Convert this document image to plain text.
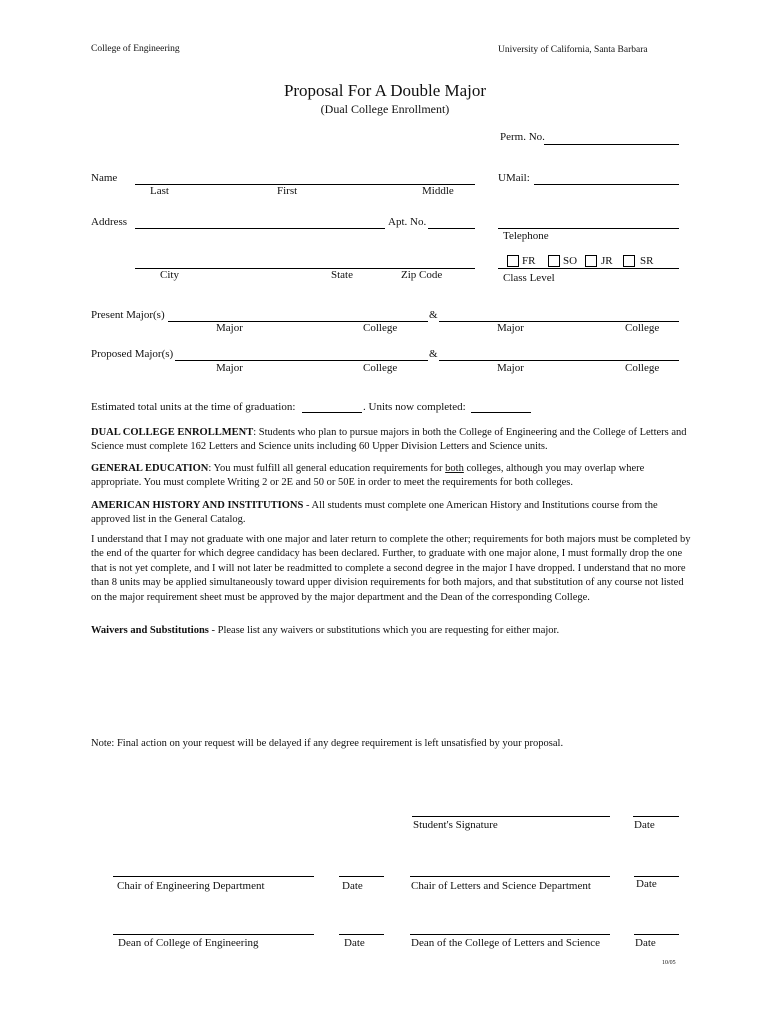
College of Engineering	University of California, Santa Barbara
Proposal For A Double Major
(Dual College Enrollment)
Perm. No.
Name
Last	First	Middle
UMail:
Address	Apt. No.
Telephone
City	State	Zip Code
FR	SO JR SR
Class Level
Present Major(s)	&
Major	College	Major	College
Proposed Major(s)	&
Major	College	Major	College
Estimated total units at the time of graduation:	. Units now completed:
DUAL COLLEGE ENROLLMENT: Students who plan to pursue majors in both the College of Engineering and the College of Letters and Science must complete 162 Letters and Science units including 60 Upper Division Letters and Science units.
GENERAL EDUCATION: You must fulfill all general education requirements for both colleges, although you may overlap where appropriate. You must complete Writing 2 or 2E and 50 or 50E in order to meet the requirements for both colleges.
AMERICAN HISTORY AND INSTITUTIONS - All students must complete one American History and Institutions course from the approved list in the General Catalog.
I understand that I may not graduate with one major and later return to complete the other; requirements for both majors must be completed by the end of the quarter for which degree candidacy has been declared. Further, to graduate with one major alone, I must formally drop the one that is not yet complete, and I will not later be readmitted to complete a second degree in the major I have dropped. I understand that no more than 8 units may be applied simultaneously toward upper division requirements for both majors, and that substitution of any course not listed on the major requirement sheet must be approved by the major department and the Dean of the corresponding College.
Waivers and Substitutions - Please list any waivers or substitutions which you are requesting for either major.
Note: Final action on your request will be delayed if any degree requirement is left unsatisfied by your proposal.
Student's Signature	Date
Chair of Engineering Department	Date	Chair of Letters and Science Department	Date
Dean of College of Engineering	Date	Dean of the College of Letters and Science	Date
10/05
